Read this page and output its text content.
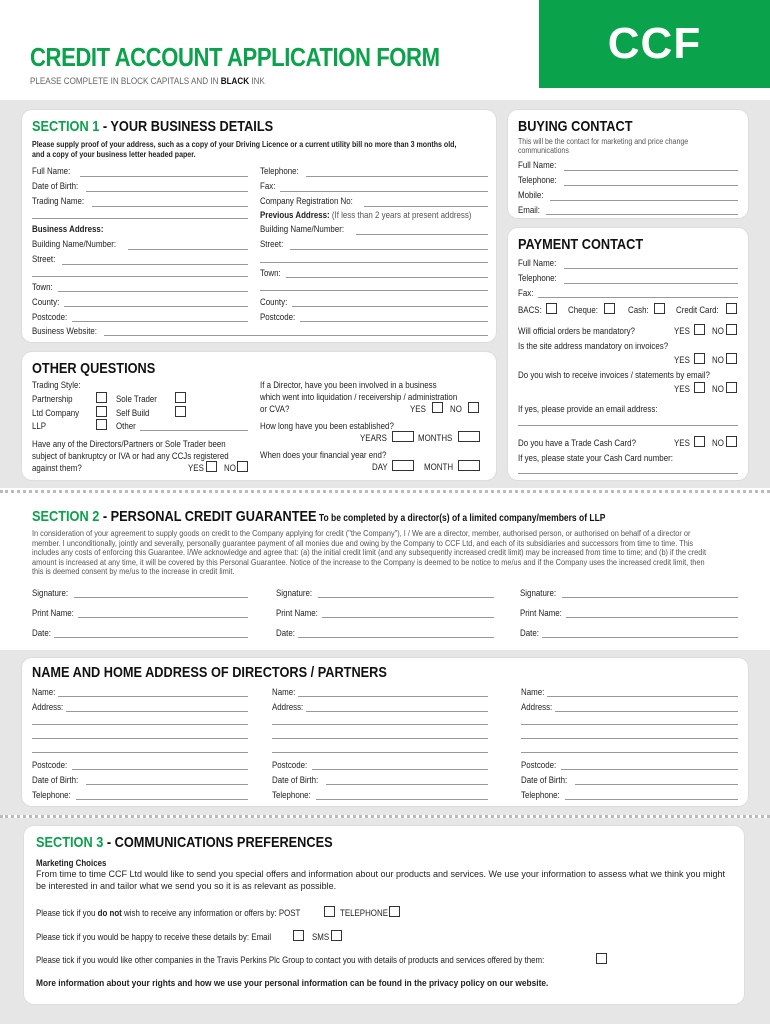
CCF
CREDIT ACCOUNT APPLICATION FORM
PLEASE COMPLETE IN BLOCK CAPITALS AND IN BLACK INK
SECTION 1 - YOUR BUSINESS DETAILS
Please supply proof of your address, such as a copy of your Driving Licence or a current utility bill no more than 3 months old,
and a copy of your business letter headed paper.
Full Name:
Date of Birth:
Trading Name:
Business Address:
Building Name/Number:
Street:
Town:
County:
Postcode:
Business Website:
Telephone:
Fax:
Company Registration No:
Previous Address: (If less than 2 years at present address)
Building Name/Number:
Street:
Town:
County:
Postcode:
BUYING CONTACT
This will be the contact for marketing and price change
communications
Full Name:
Telephone:
Mobile:
Email:
PAYMENT CONTACT
Full Name:
Telephone:
Fax:
BACS:	Cheque:	Cash:	Credit Card:
Will official orders be mandatory?	YES NO
Is the site address mandatory on invoices?
YES NO
Do you wish to receive invoices / statements by email?
YES NO
If yes, please provide an email address:
Do you have a Trade Cash Card?	YES NO
If yes, please state your Cash Card number:
OTHER QUESTIONS
Trading Style:
Partnership
Ltd Company
LLP
Sole Trader
Self Build
Other
Have any of the Directors/Partners or Sole Trader been
subject of bankruptcy or IVA or had any CCJs registered
against them?	YES NO
If a Director, have you been involved in a business
which went into liquidation / receivership / administration
or CVA?	YES	NO
How long have you been established?
YEARS	MONTHS
When does your financial year end?
DAY	MONTH
SECTION 2 - PERSONAL CREDIT GUARANTEE To be completed by a director(s) of a limited company/members of LLP
In consideration of your agreement to supply goods on credit to the Company applying for credit ("the Company"), I / We are a director, member, authorised person, or authorised on behalf of a director or member. I unconditionally, jointly and severally, personally guarantee payment of all monies due and owing by the Company to CCF Ltd, and each of its subsidiaries and successors from time to time. This includes any costs of enforcing this Guarantee. I/We acknowledge and agree that: (a) the initial credit limit (and any subsequently increased credit limit) may be increased from time to time; and (b) if the credit amount is increased at any time, it will be covered by this Personal Guarantee. Notice of the increase to the Company is deemed to be notice to me/us and if the Company uses the increased credit limit, then this is deemed consent by me/us to the increase in credit limit.
Signature:
Print Name:
Date:
Signature:
Print Name:
Date:
Signature:
Print Name:
Date:
NAME AND HOME ADDRESS OF DIRECTORS / PARTNERS
Name:
Address:
Postcode:
Date of Birth:
Telephone:
Name:
Address:
Postcode:
Date of Birth:
Telephone:
Name:
Address:
Postcode:
Date of Birth:
Telephone:
SECTION 3 - COMMUNICATIONS PREFERENCES
Marketing Choices
From time to time CCF Ltd would like to send you special offers and information about our products and services. We use your information to assess what we think you might be interested in and tailor what we send you so it is as relevant as possible.
Please tick if you do not wish to receive any information or offers by: POST	TELEPHONE
Please tick if you would be happy to receive these details by: Email	SMS
Please tick if you would like other companies in the Travis Perkins Plc Group to contact you with details of products and services offered by them:
More information about your rights and how we use your personal information can be found in the privacy policy on our website.
